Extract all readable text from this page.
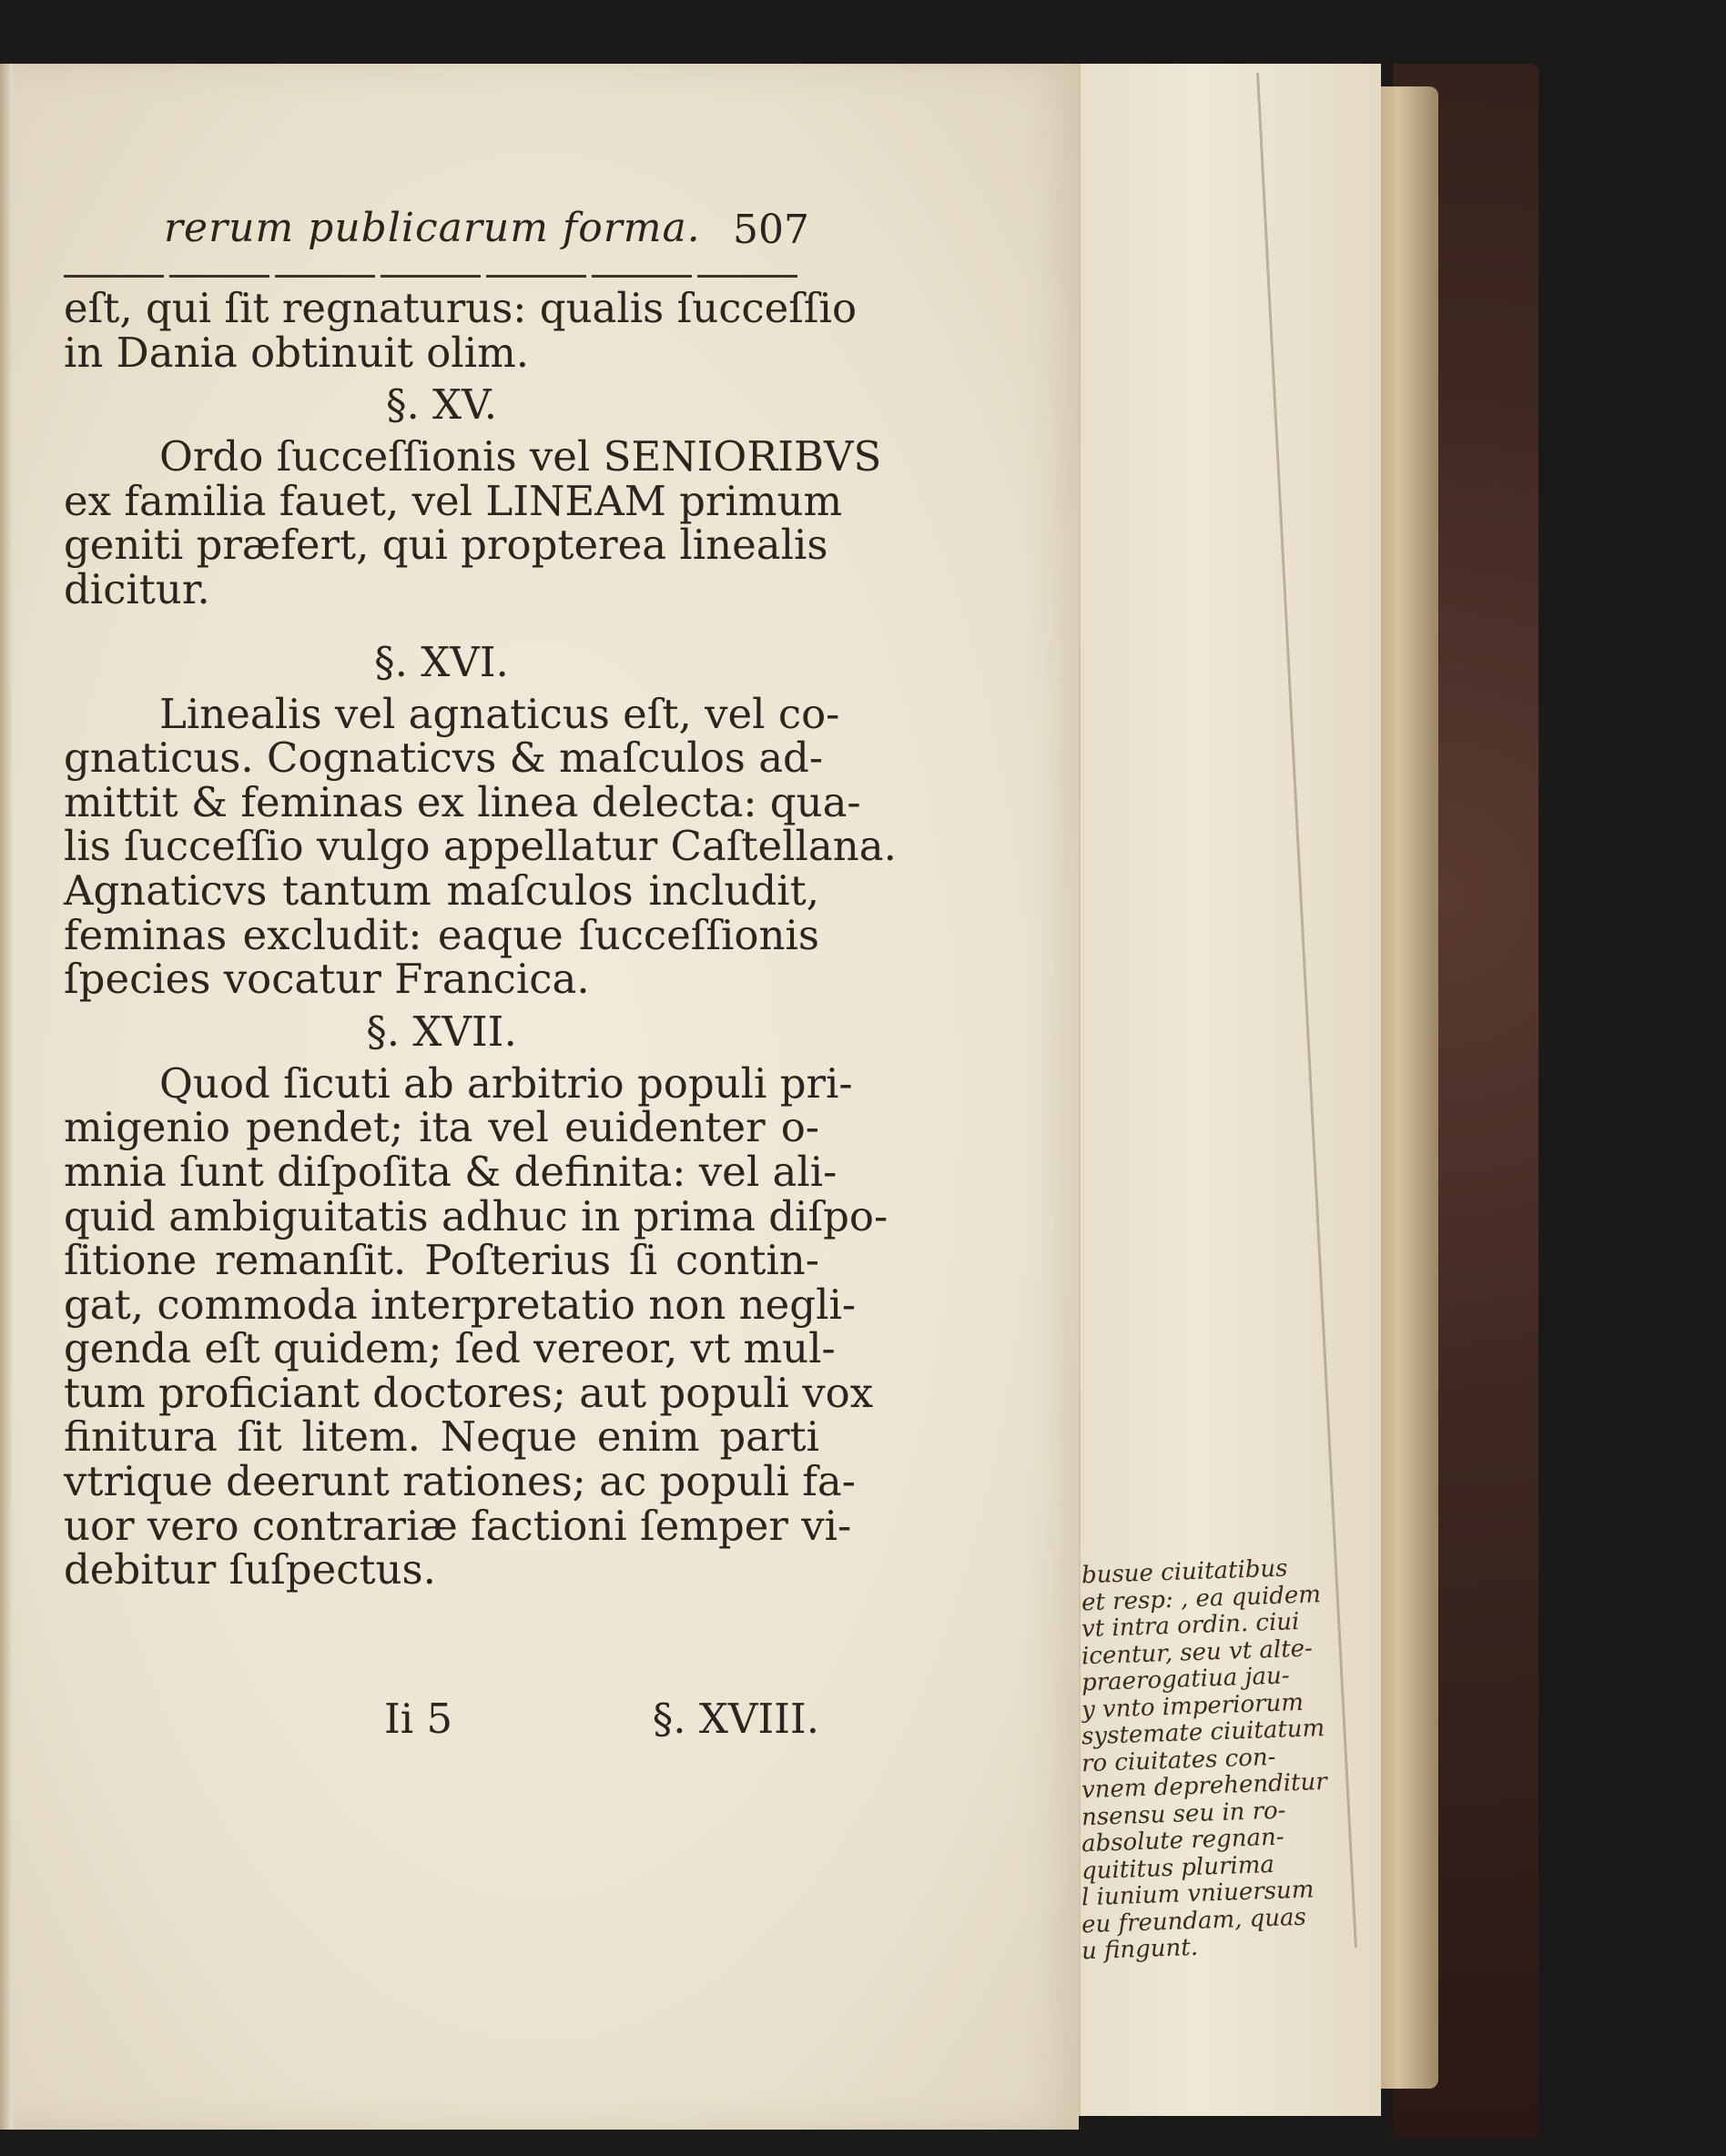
rerum publicarum forma. 507
eſt, qui ſit regnaturus: qualis ſucceſſio
in Dania obtinuit olim.
§. XV.
Ordo ſucceſſionis vel SENIORIBVS
ex familia fauet, vel LINEAM primum
geniti præfert, qui propterea linealis
dicitur.
§. XVI.
Linealis vel agnaticus eſt, vel co-
gnaticus. Cognaticvs & maſculos ad-
mittit & feminas ex linea delecta: qua-
lis ſucceſſio vulgo appellatur Caſtellana.
Agnaticvs tantum maſculos includit,
feminas excludit: eaque ſucceſſionis
ſpecies vocatur Francica.
§. XVII.
Quod ſicuti ab arbitrio populi pri-
migenio pendet; ita vel euidenter o-
mnia ſunt diſpoſita & definita: vel ali-
quid ambiguitatis adhuc in prima diſpo-
ſitione remanſit. Poſterius ſi contin-
gat, commoda interpretatio non negli-
genda eſt quidem; ſed vereor, vt mul-
tum proficiant doctores; aut populi vox
finitura ſit litem. Neque enim parti
vtrique deerunt rationes; ac populi fa-
uor vero contrariæ factioni ſemper vi-
debitur ſuſpectus.
Ii 5	§. XVIII.
busue ciuitatibus
et resp: , ea quidem
vt intra ordin. ciui
icentur, seu vt alte-
praerogatiua jau-
y vnto imperiorum
systemate ciuitatum
ro ciuitates con-
vnem deprehenditur
nsensu seu in ro-
absolute regnan-
quititus plurima
l iunium vniuersum
eu freundam, quas
u fingunt.
